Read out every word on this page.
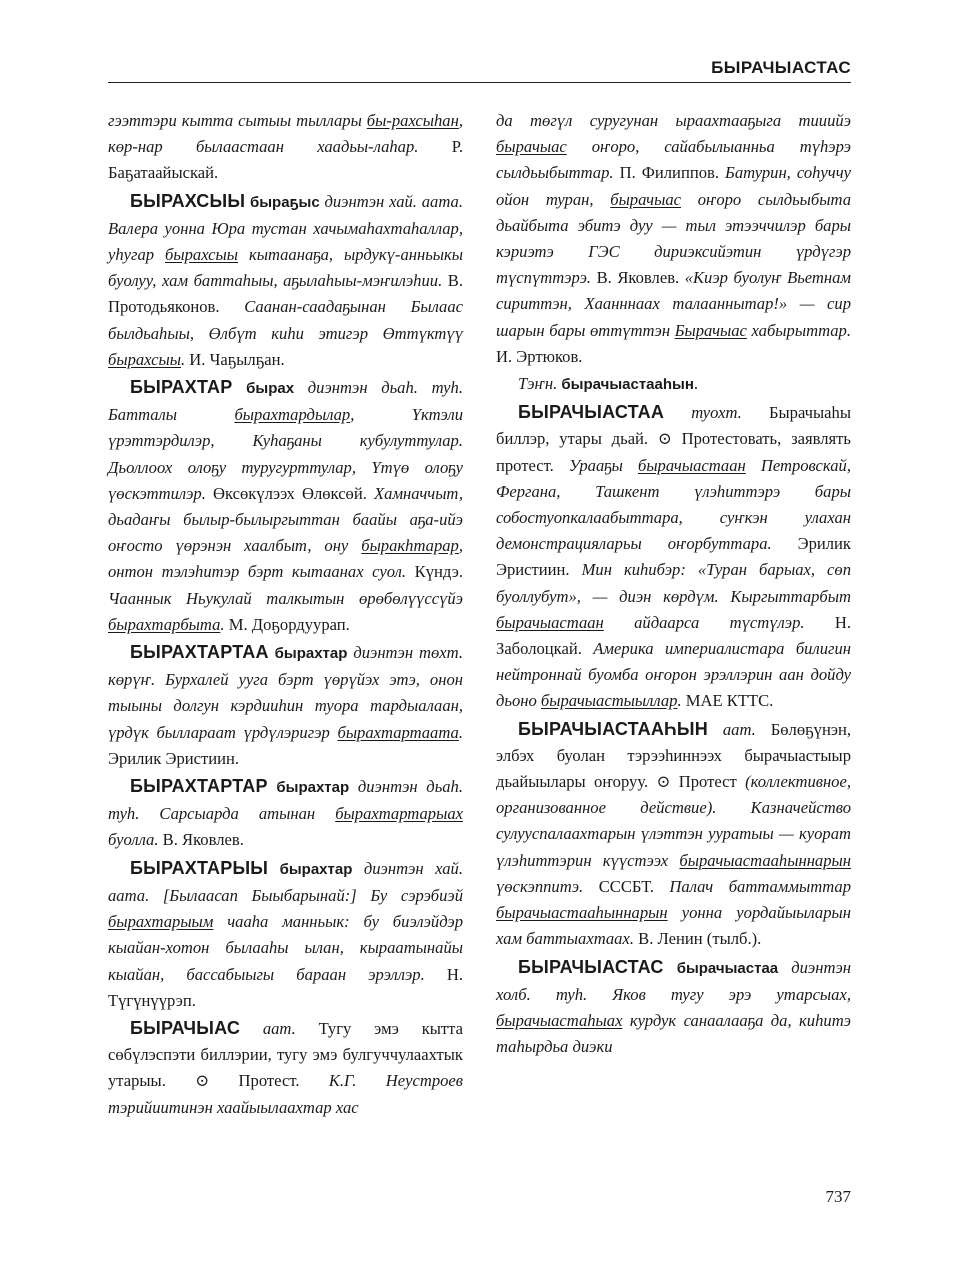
БЫРАЧЫАСТАС

гээттэри кытта сытыы тыллары бы-рахсыһан, көр-нар былаастаан хаадьы-лаһар. Р. Баҕатаайыскай.

БЫРАХСЫЫ быраҕыс диэнтэн хай. аата. Валера уонна Юра тустан хачымаһахтаһаллар, уһугар бырахсыы кытаанаҕа, ырдукү-анньыкы буолуу, хам баттаһыы, аҕылаһыы-мэҥилэһии. В. Протодьяконов. Саанан-саадаҕынан Былаас былдьаһыы, Өлбүт киһи этигэр Өттүктүү бырахсыы. И. Чаҕылҕан.

БЫРАХТАР бырах диэнтэн дьаһ. туһ. Батталы бырахтардылар, Үктэли үрэттэрдилэр, Куһаҕаны кубулуттулар. Дьоллоох олоҕу туругурттулар, Үтүө олоҕу үөскэттилэр. Өксөкүлээх Өлөксөй. Хамначчыт, дьадаҥы былыр-былыргыттан баайы аҕа-ийэ оҥосто үөрэнэн хаалбыт, ону быракhтарар, онтон тэлэһитэр бэрт кытаанах суол. Күндэ. Чааннык Ньукулай талкытын өрөбөлүүссүйэ бырахтарбыта. М. Доҕордуурап.

БЫРАХТАРТАА бырахтар диэнтэн төхт. көрүҥ. Бурхалей ууга бэрт үөрүйэх этэ, онон тыыны долгун кэрдииһин туора тардыалаан, үрдүк былларaат үрдүлэригэр бырахтартаата. Эрилик Эристиин.

БЫРАХТАРТАР бырахтар диэнтэн дьаһ. туһ. Сарсыарда атынан бырахтартарыах буолла. В. Яковлев.

БЫРАХТАРЫЫ бырахтар диэнтэн хай. аата. [Былаасап Быыбарынай:] Бу сэрэбиэй бырахтарыым чааһа манньык: бу биэлэйдэр кыайан-хотон былааһы ылан, кыраатынайы кыайан, бассабыыгы бараан эрэллэр. Н. Түгүнүүрэп.

БЫРАЧЫАС аат. Тугу эмэ кытта сөбүлэспэти биллэрии, тугу эмэ булгуччулаахтык утарыы. ⊙ Протест. К.Г. Неустроев тэрийиитинэн хаайыылаахтар хас

да төгүл суругунан ыраахтааҕыга тииийэ бырачыас оҥоро, сайабылыанньа түһэрэ сылдьыбыттар. П. Филиппов. Батурин, соһуччу ойон туран, бырачыас оҥоро сылдьыбыта дьайбыта эбитэ дуу — тыл этээччилэр бары кэриэтэ ГЭС дириэксийэтин үрдүгэр түспүттэрэ. В. Яковлев. «Киэр буолуҥ Вьетнам сириттэн, Хаанннаах талааннытар!» — сир шарын бары өттүттэн Бырачыас хабырыттар. И. Эртюков.

Тэҥн. бырачыастааһын.

БЫРАЧЫАСТАА туохт. Бырачыаһы биллэр, утары дьай. ⊙ Протестовать, заявлять протест. Урааҕы бырачыастаан Петровскай, Фергана, Ташкент үлэһиттэрэ бары собостуопкалаабыттара, суҥкэн улахан демонстрацияларьы оҥорбуттара. Эрилик Эристиин. Мин киһибэр: «Туран барыах, сөп буоллубут», — диэн көрдүм. Кыргыттарбыт бырачыастаан айдаарса түстүлэр. Н. Заболоцкай. Америка империалистара билигин нейтроннай буомба оҥорон эрэллэрин аан дойду дьоно бырачыастыыллар. МАЕ КТТС.

БЫРАЧЫАСТААҺЫН аат. Бөлөҕүнэн, элбэх буолан тэрээһиннээх бырачыастыыр дьайыылары оҥоруу. ⊙ Протест (коллективное, организованное действие). Казначейство сулууспалаахтарын үлэттэн ууратыы — куорат үлэһиттэрин күүстээх бырачыастааһыннарын үөскэппитэ. СССБТ. Палач баттаммыттар бырачыастааһыннарын уонна уордайыыларын хам баттыахтаах. В. Ленин (тылб.).

БЫРАЧЫАСТАС бырачыастаа диэнтэн холб. туһ. Яков тугу эрэ утарсыах, бырачыастаһыах курдук санаалааҕа да, киһитэ таһырдьа диэки

737
